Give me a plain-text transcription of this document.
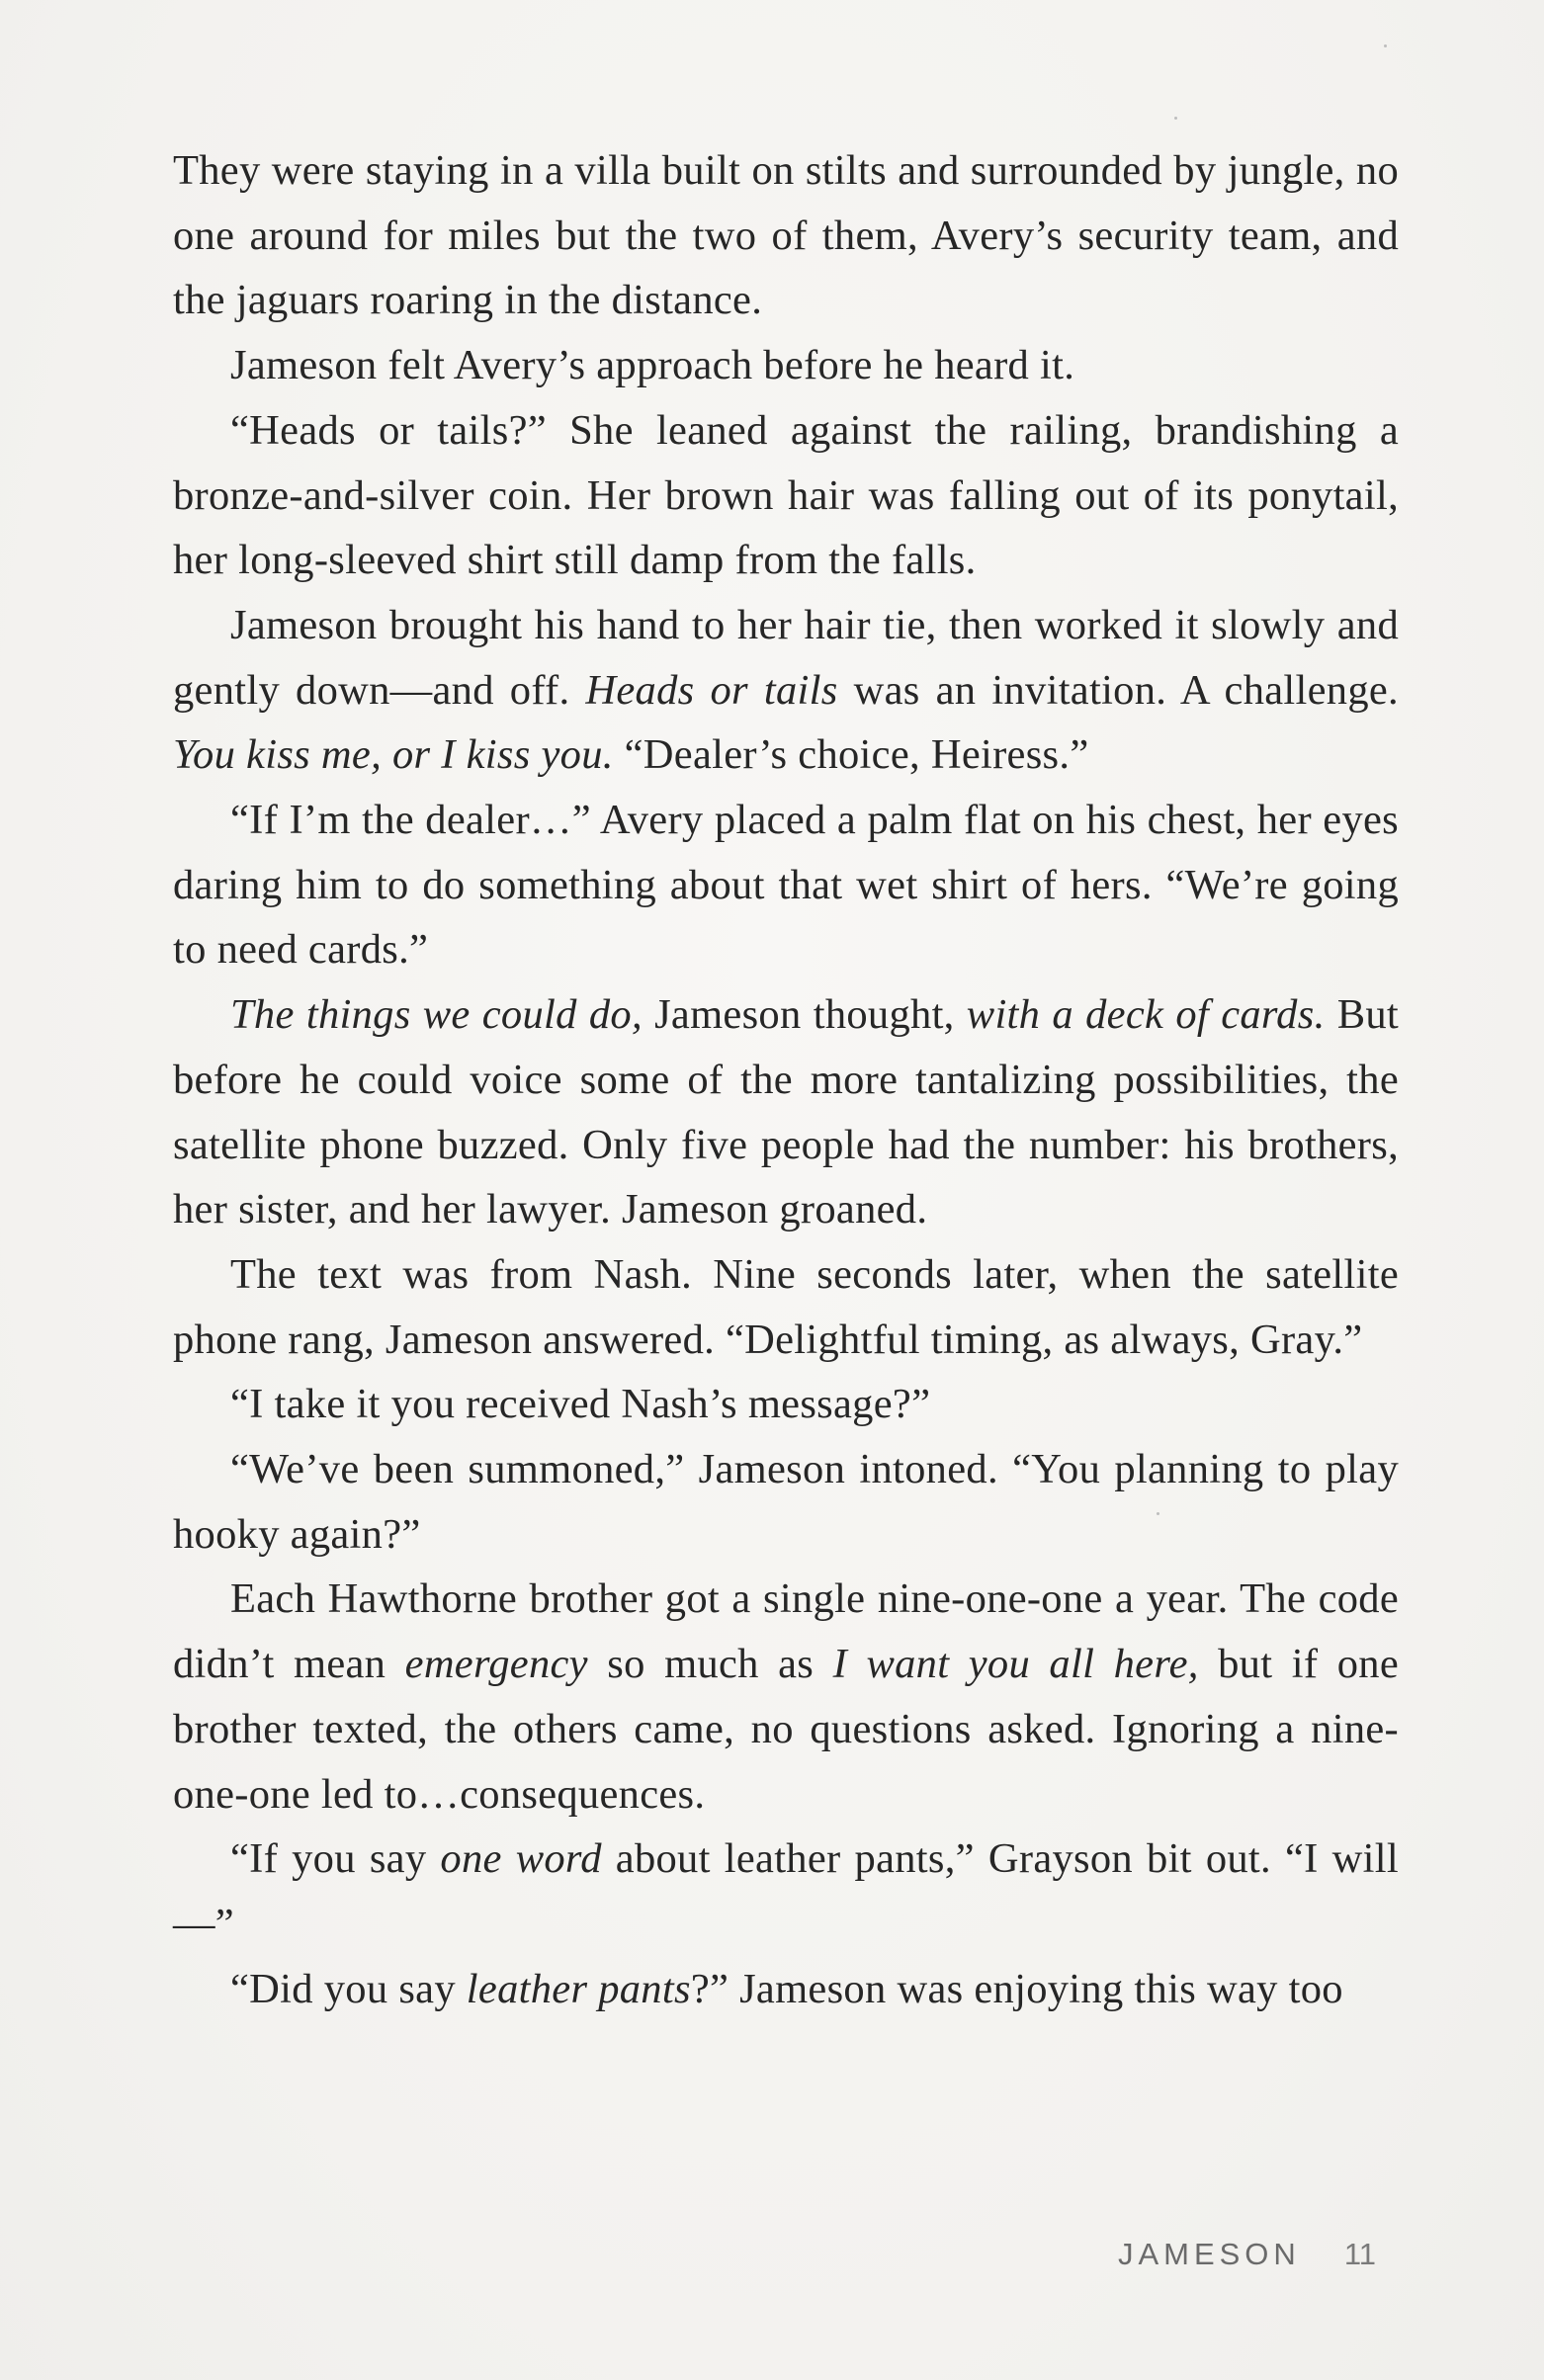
They were staying in a villa built on stilts and surrounded by jungle, no one around for miles but the two of them, Avery’s security team, and the jaguars roaring in the distance.

Jameson felt Avery’s approach before he heard it.

“Heads or tails?” She leaned against the railing, brandishing a bronze-and-silver coin. Her brown hair was falling out of its ponytail, her long-sleeved shirt still damp from the falls.

Jameson brought his hand to her hair tie, then worked it slowly and gently down—and off. Heads or tails was an invitation. A challenge. You kiss me, or I kiss you. “Dealer’s choice, Heiress.”

“If I’m the dealer…” Avery placed a palm flat on his chest, her eyes daring him to do something about that wet shirt of hers. “We’re going to need cards.”

The things we could do, Jameson thought, with a deck of cards. But before he could voice some of the more tantalizing possibilities, the satellite phone buzzed. Only five people had the number: his brothers, her sister, and her lawyer. Jameson groaned.

The text was from Nash. Nine seconds later, when the satellite phone rang, Jameson answered. “Delightful timing, as always, Gray.”

“I take it you received Nash’s message?”

“We’ve been summoned,” Jameson intoned. “You planning to play hooky again?”

Each Hawthorne brother got a single nine-one-one a year. The code didn’t mean emergency so much as I want you all here, but if one brother texted, the others came, no questions asked. Ignoring a nine-one-one led to…consequences.

“If you say one word about leather pants,” Grayson bit out. “I will—”

“Did you say leather pants?” Jameson was enjoying this way too

JAMESON 11
